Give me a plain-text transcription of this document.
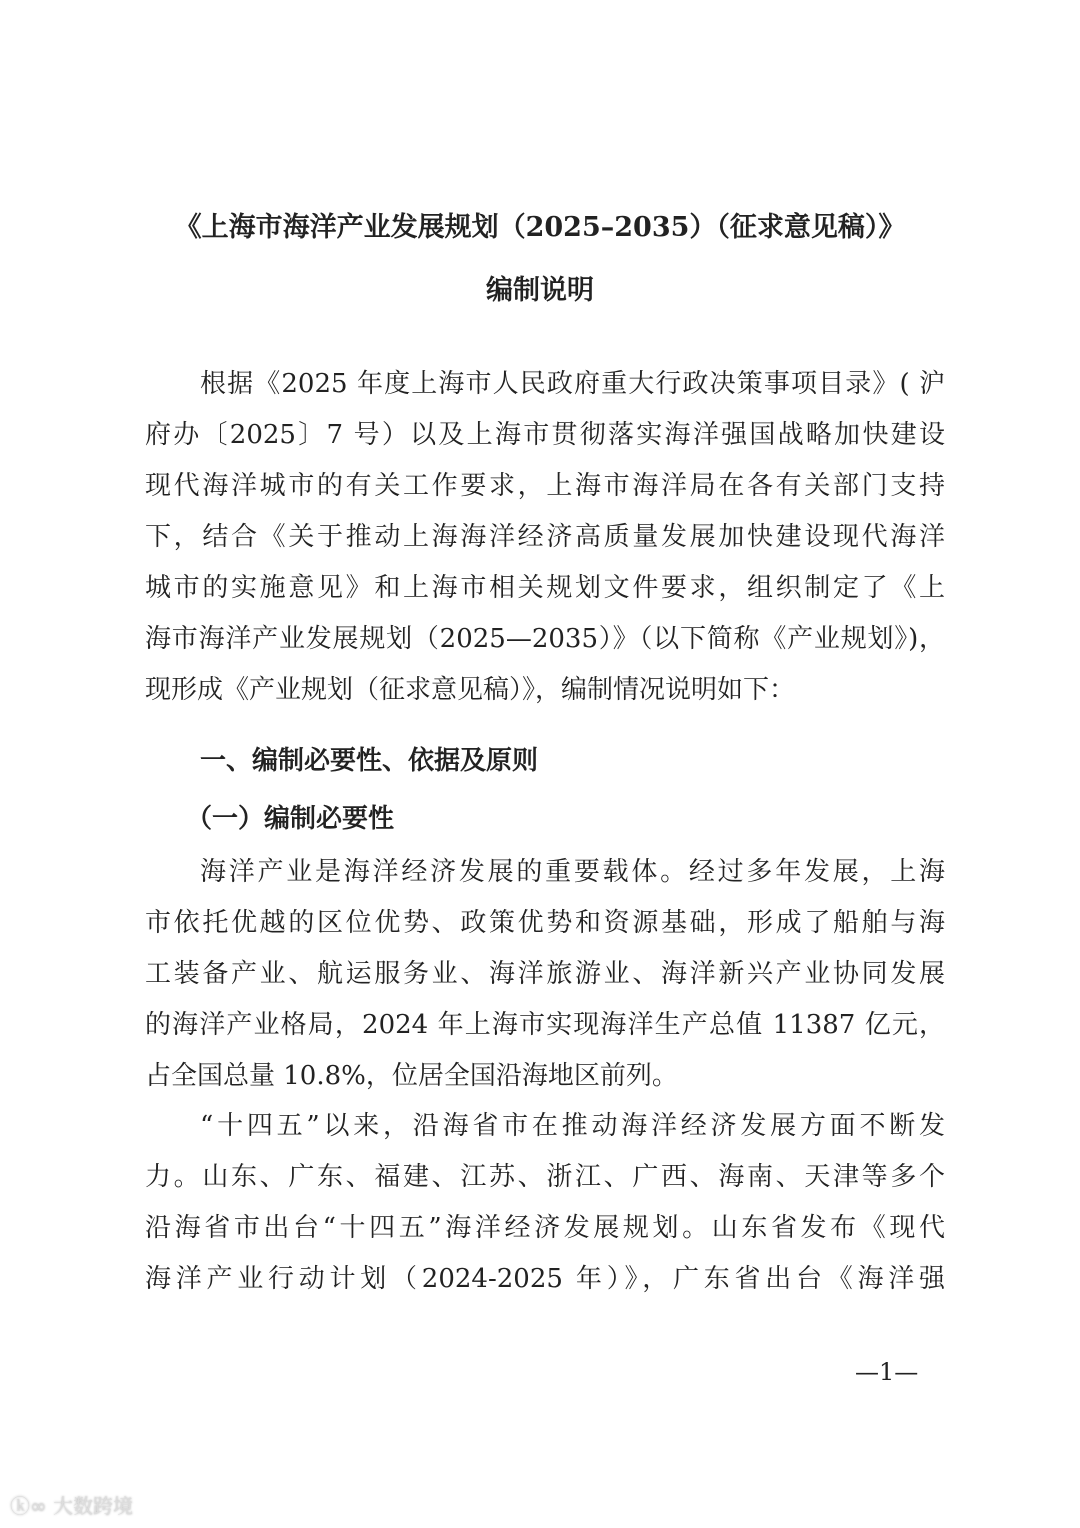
《上海市海洋产业发展规划（2025–2035）（征求意见稿）》
编制说明
根据《2025 年度上海市人民政府重大行政决策事项目录》( 沪
府办〔2025〕7 号）以及上海市贯彻落实海洋强国战略加快建设
现代海洋城市的有关工作要求，上海市海洋局在各有关部门支持
下，结合《关于推动上海海洋经济高质量发展加快建设现代海洋
城市的实施意见》和上海市相关规划文件要求，组织制定了《上
海市海洋产业发展规划（2025—2035）》（以下简称《产业规划》)，
现形成《产业规划（征求意见稿）》，编制情况说明如下：
一、编制必要性、依据及原则
（一）编制必要性
海洋产业是海洋经济发展的重要载体。经过多年发展，上海
市依托优越的区位优势、政策优势和资源基础，形成了船舶与海
工装备产业、航运服务业、海洋旅游业、海洋新兴产业协同发展
的海洋产业格局，2024 年上海市实现海洋生产总值 11387 亿元，
占全国总量 10.8%，位居全国沿海地区前列。
“十四五”以来，沿海省市在推动海洋经济发展方面不断发
力。山东、广东、福建、江苏、浙江、广西、海南、天津等多个
沿海省市出台“十四五”海洋经济发展规划。山东省发布《现代
海洋产业行动计划（2024-2025 年）》，广东省出台《海洋强
—1—
ⓚ∞ 大数跨境
